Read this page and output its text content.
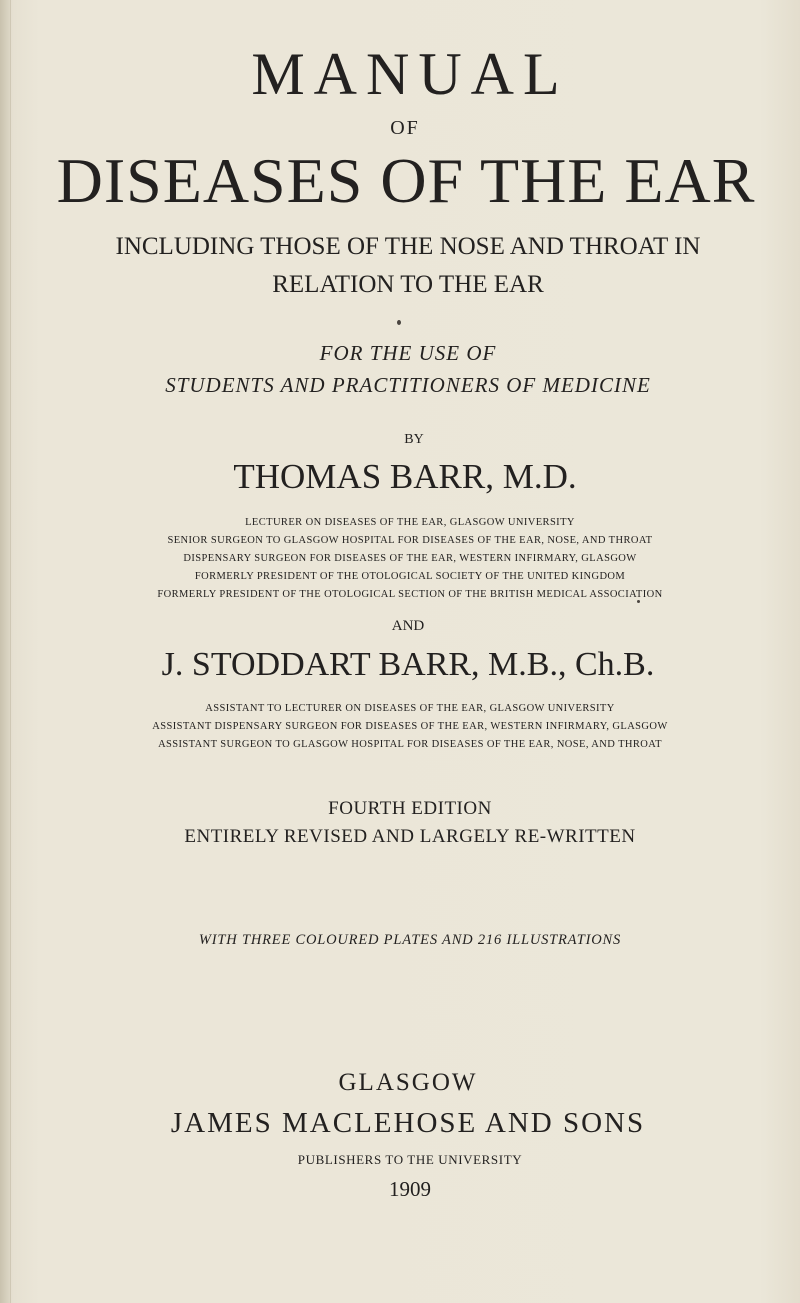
MANUAL
OF
DISEASES OF THE EAR
INCLUDING THOSE OF THE NOSE AND THROAT IN
RELATION TO THE EAR
FOR THE USE OF
STUDENTS AND PRACTITIONERS OF MEDICINE
BY
THOMAS BARR, M.D.
LECTURER ON DISEASES OF THE EAR, GLASGOW UNIVERSITY
SENIOR SURGEON TO GLASGOW HOSPITAL FOR DISEASES OF THE EAR, NOSE, AND THROAT
DISPENSARY SURGEON FOR DISEASES OF THE EAR, WESTERN INFIRMARY, GLASGOW
FORMERLY PRESIDENT OF THE OTOLOGICAL SOCIETY OF THE UNITED KINGDOM
FORMERLY PRESIDENT OF THE OTOLOGICAL SECTION OF THE BRITISH MEDICAL ASSOCIATION
AND
J. STODDART BARR, M.B., Ch.B.
ASSISTANT TO LECTURER ON DISEASES OF THE EAR, GLASGOW UNIVERSITY
ASSISTANT DISPENSARY SURGEON FOR DISEASES OF THE EAR, WESTERN INFIRMARY, GLASGOW
ASSISTANT SURGEON TO GLASGOW HOSPITAL FOR DISEASES OF THE EAR, NOSE, AND THROAT
FOURTH EDITION
ENTIRELY REVISED AND LARGELY RE-WRITTEN
WITH THREE COLOURED PLATES AND 216 ILLUSTRATIONS
GLASGOW
JAMES MACLEHOSE AND SONS
PUBLISHERS TO THE UNIVERSITY
1909
